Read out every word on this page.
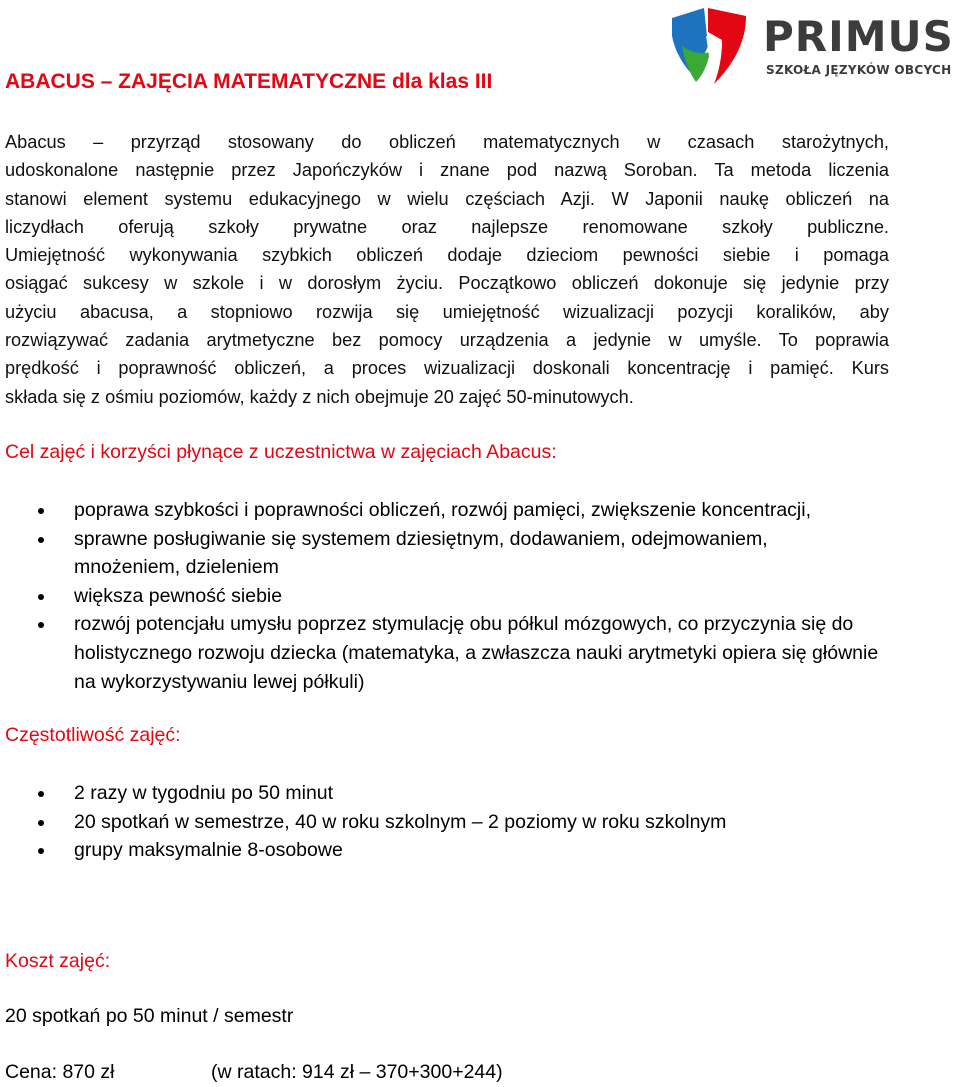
PRIMUS
SZKOŁA JĘZYKÓW OBCYCH
ABACUS – ZAJĘCIA MATEMATYCZNE dla klas III
Abacus – przyrząd stosowany do obliczeń matematycznych w czasach starożytnych,
udoskonalone następnie przez Japończyków i znane pod nazwą Soroban. Ta metoda liczenia
stanowi element systemu edukacyjnego w wielu częściach Azji. W Japonii naukę obliczeń na
liczydłach oferują szkoły prywatne oraz najlepsze renomowane szkoły publiczne.
Umiejętność wykonywania szybkich obliczeń dodaje dzieciom pewności siebie i pomaga
osiągać sukcesy w szkole i w dorosłym życiu. Początkowo obliczeń dokonuje się jedynie przy
użyciu abacusa, a stopniowo rozwija się umiejętność wizualizacji pozycji koralików, aby
rozwiązywać zadania arytmetyczne bez pomocy urządzenia a jedynie w umyśle. To poprawia
prędkość i poprawność obliczeń, a proces wizualizacji doskonali koncentrację i pamięć. Kurs
składa się z ośmiu poziomów, każdy z nich obejmuje 20 zajęć 50-minutowych.
Cel zajęć i korzyści płynące z uczestnictwa w zajęciach Abacus:
poprawa szybkości i poprawności obliczeń, rozwój pamięci, zwiększenie koncentracji,
sprawne posługiwanie się systemem dziesiętnym, dodawaniem, odejmowaniem, mnożeniem, dzieleniem
większa pewność siebie
rozwój potencjału umysłu poprzez stymulację obu półkul mózgowych, co przyczynia się do holistycznego rozwoju dziecka (matematyka, a zwłaszcza nauki arytmetyki opiera się głównie na wykorzystywaniu lewej półkuli)
Częstotliwość zajęć:
2 razy w tygodniu po 50 minut
20 spotkań w semestrze, 40 w roku szkolnym – 2 poziomy w roku szkolnym
grupy maksymalnie 8-osobowe
Koszt zajęć:
20 spotkań po 50 minut / semestr
Cena: 870 zł	(w ratach: 914 zł – 370+300+244)
